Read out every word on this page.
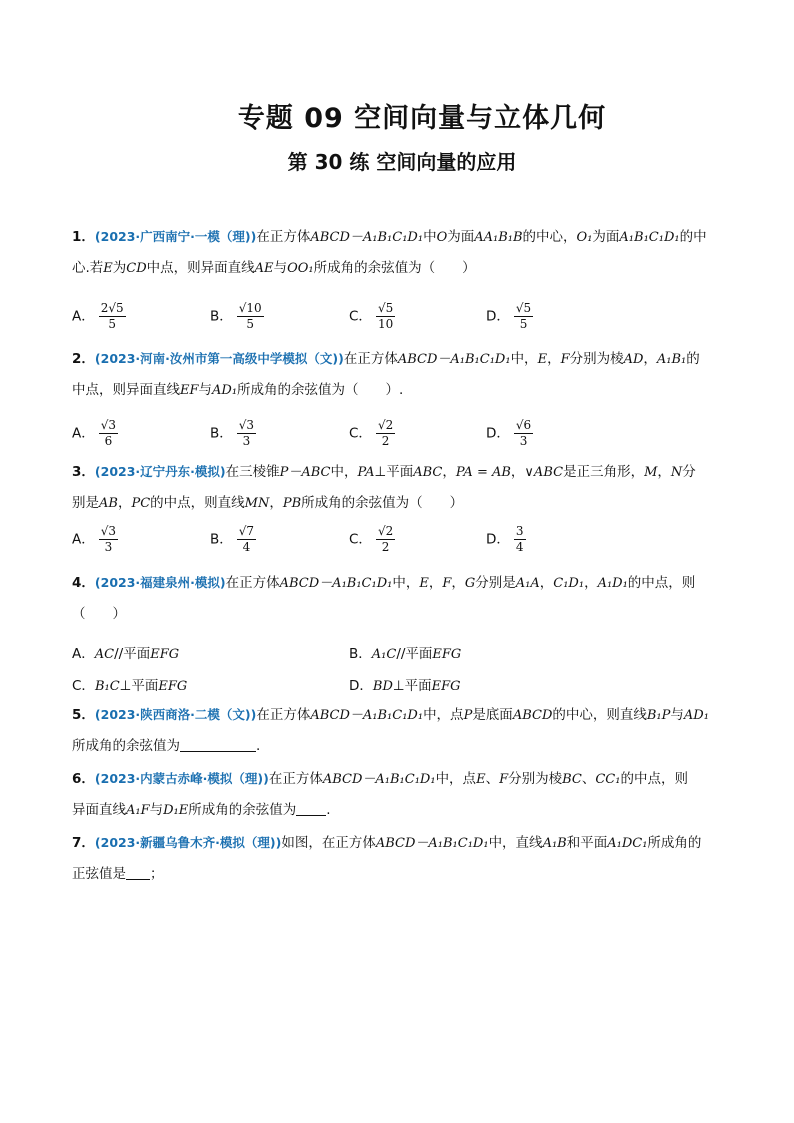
专题 09 空间向量与立体几何
第 30 练 空间向量的应用
1．(2023·广西南宁·一模（理))在正方体ABCD－A₁B₁C₁D₁中O为面AA₁B₁B的中心，O₁为面A₁B₁C₁D₁的中
心.若E为CD中点，则异面直线AE与OO₁所成角的余弦值为（　　）
A． $\frac{2√5}{5}$	B． $\frac{√10}{5}$	C． $\frac{√5}{10}$	D． $\frac{√5}{5}$
2．(2023·河南·汝州市第一高级中学模拟（文))在正方体ABCD－A₁B₁C₁D₁中，E，F分别为棱AD，A₁B₁的
中点，则异面直线EF与AD₁所成角的余弦值为（　　）.
A． $\frac{√3}{6}$	B． $\frac{√3}{3}$	C． $\frac{√2}{2}$	D． $\frac{√6}{3}$
3．(2023·辽宁丹东·模拟)在三棱锥P－ABC中，PA⊥平面ABC，PA = AB，∨ABC是正三角形，M，N分
别是AB，PC的中点，则直线MN，PB所成角的余弦值为（　　）
A． $\frac{√3}{3}$	B． $\frac{√7}{4}$	C． $\frac{√2}{2}$	D． $\frac{3}{4}$
4．(2023·福建泉州·模拟)在正方体ABCD－A₁B₁C₁D₁中，E，F，G分别是A₁A，C₁D₁，A₁D₁的中点，则
（　　）
A．AC//平面EFG	B．A₁C//平面EFG
C．B₁C⊥平面EFG	D．BD⊥平面EFG
5．(2023·陕西商洛·二模（文))在正方体ABCD－A₁B₁C₁D₁中，点P是底面ABCD的中心，则直线B₁P与AD₁
所成角的余弦值为	.
6．(2023·内蒙古赤峰·模拟（理))在正方体ABCD－A₁B₁C₁D₁中，点E、F分别为棱BC、CC₁的中点，则
异面直线A₁F与D₁E所成角的余弦值为 .
7．(2023·新疆乌鲁木齐·模拟（理))如图，在正方体ABCD－A₁B₁C₁D₁中，直线A₁B和平面A₁DC₁所成角的
正弦值是 ；
